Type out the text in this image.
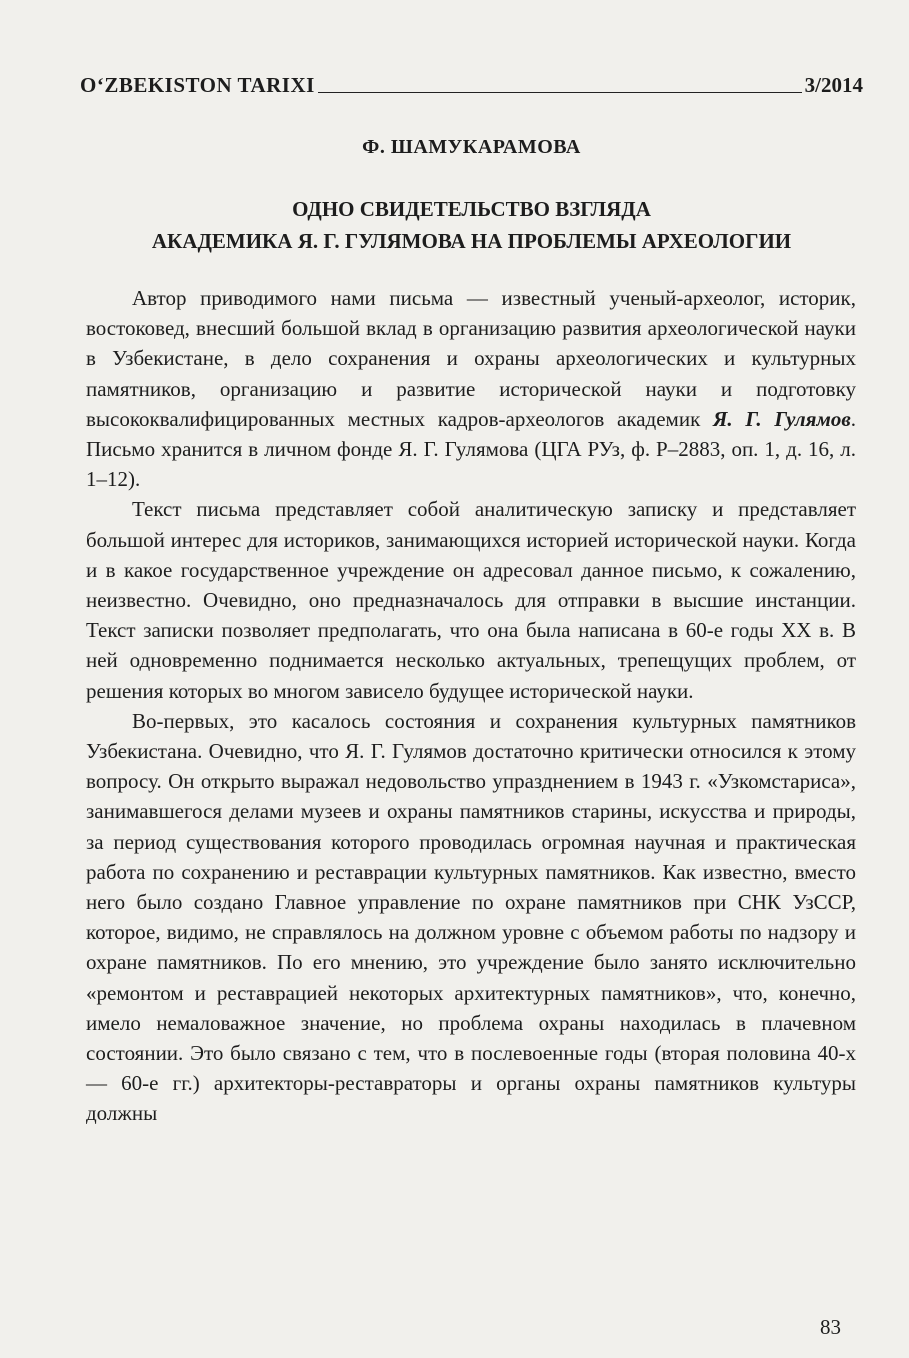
O‘ZBEKISTON TARIXI	3/2014
Ф. ШАМУКАРАМОВА
ОДНО СВИДЕТЕЛЬСТВО ВЗГЛЯДА
АКАДЕМИКА Я. Г. ГУЛЯМОВА НА ПРОБЛЕМЫ АРХЕОЛОГИИ

Автор приводимого нами письма — известный ученый-археолог, историк, востоковед, внесший большой вклад в организацию развития археологической науки в Узбекистане, в дело сохранения и охраны археологических и культурных памятников, организацию и развитие исторической науки и подготовку высококвалифицированных местных кадров-археологов академик Я. Г. Гулямов. Письмо хранится в личном фонде Я. Г. Гулямова (ЦГА РУз, ф. Р–2883, оп. 1, д. 16, л. 1–12).

Текст письма представляет собой аналитическую записку и представляет большой интерес для историков, занимающихся историей исторической науки. Когда и в какое государственное учреждение он адресовал данное письмо, к сожалению, неизвестно. Очевидно, оно предназначалось для отправки в высшие инстанции. Текст записки позволяет предполагать, что она была написана в 60-е годы XX в. В ней одновременно поднимается несколько актуальных, трепещущих проблем, от решения которых во многом зависело будущее исторической науки.

Во-первых, это касалось состояния и сохранения культурных памятников Узбекистана. Очевидно, что Я. Г. Гулямов достаточно критически относился к этому вопросу. Он открыто выражал недовольство упразднением в 1943 г. «Узкомстариса», занимавшегося делами музеев и охраны памятников старины, искусства и природы, за период существования которого проводилась огромная научная и практическая работа по сохранению и реставрации культурных памятников. Как известно, вместо него было создано Главное управление по охране памятников при СНК УзССР, которое, видимо, не справлялось на должном уровне с объемом работы по надзору и охране памятников. По его мнению, это учреждение было занято исключительно «ремонтом и реставрацией некоторых архитектурных памятников», что, конечно, имело немаловажное значение, но проблема охраны находилась в плачевном состоянии. Это было связано с тем, что в послевоенные годы (вторая половина 40-х — 60-е гг.) архитекторы-реставраторы и органы охраны памятников культуры должны

83
